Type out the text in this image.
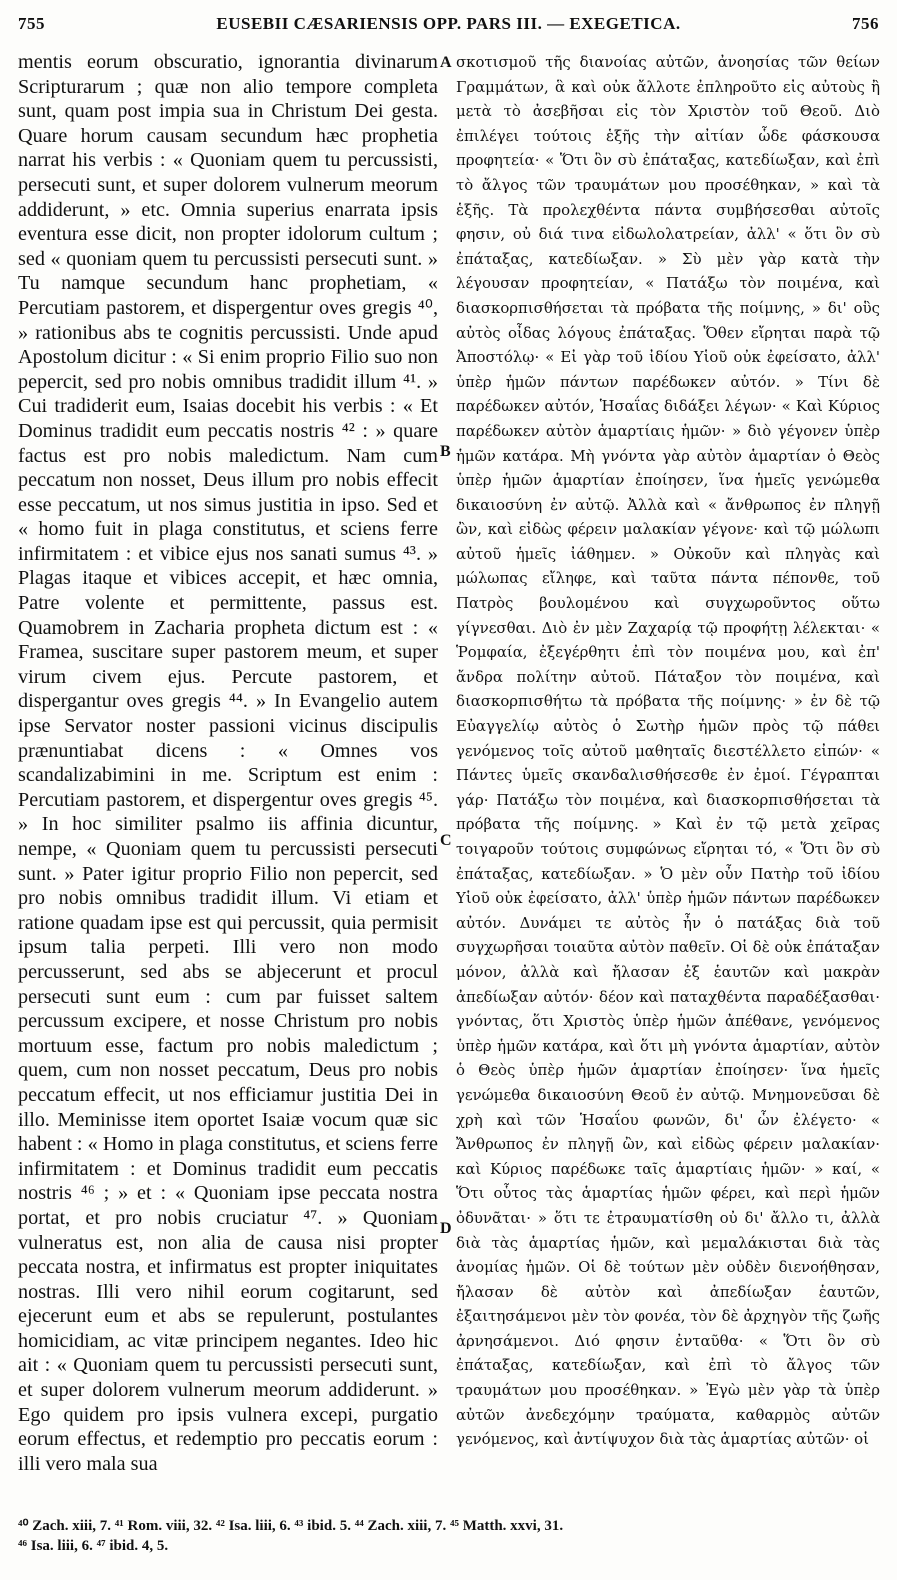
755	EUSEBII CÆSARIENSIS OPP. PARS III. — EXEGETICA.	756

mentis eorum obscuratio, ignorantia divinarum Scripturarum ; quæ non alio tempore completa sunt, quam post impia sua in Christum Dei gesta. Quare horum causam secundum hæc prophetia narrat his verbis : « Quoniam quem tu percussisti, persecuti sunt, et super dolorem vulnerum meorum addiderunt, » etc. Omnia superius enarrata ipsis eventura esse dicit, non propter idolorum cultum ; sed « quoniam quem tu percussisti persecuti sunt. » Tu namque secundum hanc prophetiam, « Percutiam pastorem, et dispergentur oves gregis ⁴⁰, » rationibus abs te cognitis percussisti. Unde apud Apostolum dicitur : « Si enim proprio Filio suo non pepercit, sed pro nobis omnibus tradidit illum ⁴¹. » Cui tradiderit eum, Isaias docebit his verbis : « Et Dominus tradidit eum peccatis nostris ⁴² : » quare factus est pro nobis maledictum. Nam cum peccatum non nosset, Deus illum pro nobis effecit esse peccatum, ut nos simus justitia in ipso. Sed et « homo fuit in plaga constitutus, et sciens ferre infirmitatem : et vibice ejus nos sanati sumus ⁴³. » Plagas itaque et vibices accepit, et hæc omnia, Patre volente et permittente, passus est. Quamobrem in Zacharia propheta dictum est : « Framea, suscitare super pastorem meum, et super virum civem ejus. Percute pastorem, et dispergantur oves gregis ⁴⁴. » In Evangelio autem ipse Servator noster passioni vicinus discipulis prænuntiabat dicens : « Omnes vos scandalizabimini in me. Scriptum est enim : Percutiam pastorem, et dispergentur oves gregis ⁴⁵. » In hoc similiter psalmo iis affinia dicuntur, nempe, « Quoniam quem tu percussisti persecuti sunt. » Pater igitur proprio Filio non pepercit, sed pro nobis omnibus tradidit illum. Vi etiam et ratione quadam ipse est qui percussit, quia permisit ipsum talia perpeti. Illi vero non modo percusserunt, sed abs se abjecerunt et procul persecuti sunt eum : cum par fuisset saltem percussum excipere, et nosse Christum pro nobis mortuum esse, factum pro nobis maledictum ; quem, cum non nosset peccatum, Deus pro nobis peccatum effecit, ut nos efficiamur justitia Dei in illo. Meminisse item oportet Isaiæ vocum quæ sic habent : « Homo in plaga constitutus, et sciens ferre infirmitatem : et Dominus tradidit eum peccatis nostris ⁴⁶ ; » et : « Quoniam ipse peccata nostra portat, et pro nobis cruciatur ⁴⁷. » Quoniam vulneratus est, non alia de causa nisi propter peccata nostra, et infirmatus est propter iniquitates nostras. Illi vero nihil eorum cogitarunt, sed ejecerunt eum et abs se repulerunt, postulantes homicidiam, ac vitæ principem negantes. Ideo hic ait : « Quoniam quem tu percussisti persecuti sunt, et super dolorem vulnerum meorum addiderunt. » Ego quidem pro ipsis vulnera excepi, purgatio eorum effectus, et redemptio pro peccatis eorum : illi vero mala sua

σκοτισμοῦ τῆς διανοίας αὐτῶν, ἀνοησίας τῶν θείων Γραμμάτων, ἃ καὶ οὐκ ἄλλοτε ἐπληροῦτο εἰς αὐτοὺς ἢ μετὰ τὸ ἀσεβῆσαι εἰς τὸν Χριστὸν τοῦ Θεοῦ. Διὸ ἐπιλέγει τούτοις ἑξῆς τὴν αἰτίαν ὧδε φάσκουσα προφητεία· « Ὅτι ὃν σὺ ἐπάταξας, κατεδίωξαν, καὶ ἐπὶ τὸ ἄλγος τῶν τραυμάτων μου προσέθηκαν, » καὶ τὰ ἑξῆς. Τὰ προλεχθέντα πάντα συμβήσεσθαι αὐτοῖς φησιν, οὐ διά τινα εἰδωλολατρείαν, ἀλλ' « ὅτι ὃν σὺ ἐπάταξας, κατεδίωξαν. » Σὺ μὲν γὰρ κατὰ τὴν λέγουσαν προφητείαν, « Πατάξω τὸν ποιμένα, καὶ διασκορπισθήσεται τὰ πρόβατα τῆς ποίμνης, » δι' οὓς αὐτὸς οἶδας λόγους ἐπάταξας. Ὅθεν εἴρηται παρὰ τῷ Ἀποστόλῳ· « Εἰ γὰρ τοῦ ἰδίου Υἱοῦ οὐκ ἐφείσατο, ἀλλ' ὑπὲρ ἡμῶν πάντων παρέδωκεν αὐτόν. » Τίνι δὲ παρέδωκεν αὐτόν, Ἡσαΐας διδάξει λέγων· « Καὶ Κύριος παρέδωκεν αὐτὸν ἁμαρτίαις ἡμῶν· » διὸ γέγονεν ὑπὲρ ἡμῶν κατάρα. Μὴ γνόντα γὰρ αὐτὸν ἁμαρτίαν ὁ Θεὸς ὑπὲρ ἡμῶν ἁμαρτίαν ἐποίησεν, ἵνα ἡμεῖς γενώμεθα δικαιοσύνη ἐν αὐτῷ. Ἀλλὰ καὶ « ἄνθρωπος ἐν πληγῇ ὢν, καὶ εἰδὼς φέρειν μαλακίαν γέγονε· καὶ τῷ μώλωπι αὐτοῦ ἡμεῖς ἰάθημεν. » Οὐκοῦν καὶ πληγὰς καὶ μώλωπας εἴληφε, καὶ ταῦτα πάντα πέπονθε, τοῦ Πατρὸς βουλομένου καὶ συγχωροῦντος οὕτω γίγνεσθαι. Διὸ ἐν μὲν Ζαχαρίᾳ τῷ προφήτῃ λέλεκται· « Ῥομφαία, ἐξεγέρθητι ἐπὶ τὸν ποιμένα μου, καὶ ἐπ' ἄνδρα πολίτην αὐτοῦ. Πάταξον τὸν ποιμένα, καὶ διασκορπισθήτω τὰ πρόβατα τῆς ποίμνης· » ἐν δὲ τῷ Εὐαγγελίῳ αὐτὸς ὁ Σωτὴρ ἡμῶν πρὸς τῷ πάθει γενόμενος τοῖς αὐτοῦ μαθηταῖς διεστέλλετο εἰπών· « Πάντες ὑμεῖς σκανδαλισθήσεσθε ἐν ἐμοί. Γέγραπται γάρ· Πατάξω τὸν ποιμένα, καὶ διασκορπισθήσεται τὰ πρόβατα τῆς ποίμνης. » Καὶ ἐν τῷ μετὰ χεῖρας τοιγαροῦν τούτοις συμφώνως εἴρηται τό, « Ὅτι ὃν σὺ ἐπάταξας, κατεδίωξαν. » Ὁ μὲν οὖν Πατὴρ τοῦ ἰδίου Υἱοῦ οὐκ ἐφείσατο, ἀλλ' ὑπὲρ ἡμῶν πάντων παρέδωκεν αὐτόν. Δυνάμει τε αὐτὸς ἦν ὁ πατάξας διὰ τοῦ συγχωρῆσαι τοιαῦτα αὐτὸν παθεῖν. Οἱ δὲ οὐκ ἐπάταξαν μόνον, ἀλλὰ καὶ ἤλασαν ἐξ ἑαυτῶν καὶ μακρὰν ἀπεδίωξαν αὐτόν· δέον καὶ παταχθέντα παραδέξασθαι· γνόντας, ὅτι Χριστὸς ὑπὲρ ἡμῶν ἀπέθανε, γενόμενος ὑπὲρ ἡμῶν κατάρα, καὶ ὅτι μὴ γνόντα ἁμαρτίαν, αὐτὸν ὁ Θεὸς ὑπὲρ ἡμῶν ἁμαρτίαν ἐποίησεν· ἵνα ἡμεῖς γενώμεθα δικαιοσύνη Θεοῦ ἐν αὐτῷ. Μνημονεῦσαι δὲ χρὴ καὶ τῶν Ἡσαΐου φωνῶν, δι' ὧν ἐλέγετο· « Ἄνθρωπος ἐν πληγῇ ὢν, καὶ εἰδὼς φέρειν μαλακίαν· καὶ Κύριος παρέδωκε ταῖς ἁμαρτίαις ἡμῶν· » καί, « Ὅτι οὗτος τὰς ἁμαρτίας ἡμῶν φέρει, καὶ περὶ ἡμῶν ὀδυνᾶται· » ὅτι τε ἐτραυματίσθη οὐ δι' ἄλλο τι, ἀλλὰ διὰ τὰς ἁμαρτίας ἡμῶν, καὶ μεμαλάκισται διὰ τὰς ἀνομίας ἡμῶν. Οἱ δὲ τούτων μὲν οὐδὲν διενοήθησαν, ἤλασαν δὲ αὐτὸν καὶ ἀπεδίωξαν ἑαυτῶν, ἐξαιτησάμενοι μὲν τὸν φονέα, τὸν δὲ ἀρχηγὸν τῆς ζωῆς ἀρνησάμενοι. Διό φησιν ἐνταῦθα· « Ὅτι ὃν σὺ ἐπάταξας, κατεδίωξαν, καὶ ἐπὶ τὸ ἄλγος τῶν τραυμάτων μου προσέθηκαν. » Ἐγὼ μὲν γὰρ τὰ ὑπὲρ αὐτῶν ἀνεδεχόμην τραύματα, καθαρμὸς αὐτῶν γενόμενος, καὶ ἀντίψυχον διὰ τὰς ἁμαρτίας αὐτῶν· οἱ

A
B
C
D
⁴⁰ Zach. xiii, 7. ⁴¹ Rom. viii, 32. ⁴² Isa. liii, 6. ⁴³ ibid. 5. ⁴⁴ Zach. xiii, 7. ⁴⁵ Matth. xxvi, 31.
⁴⁶ Isa. liii, 6. ⁴⁷ ibid. 4, 5.
